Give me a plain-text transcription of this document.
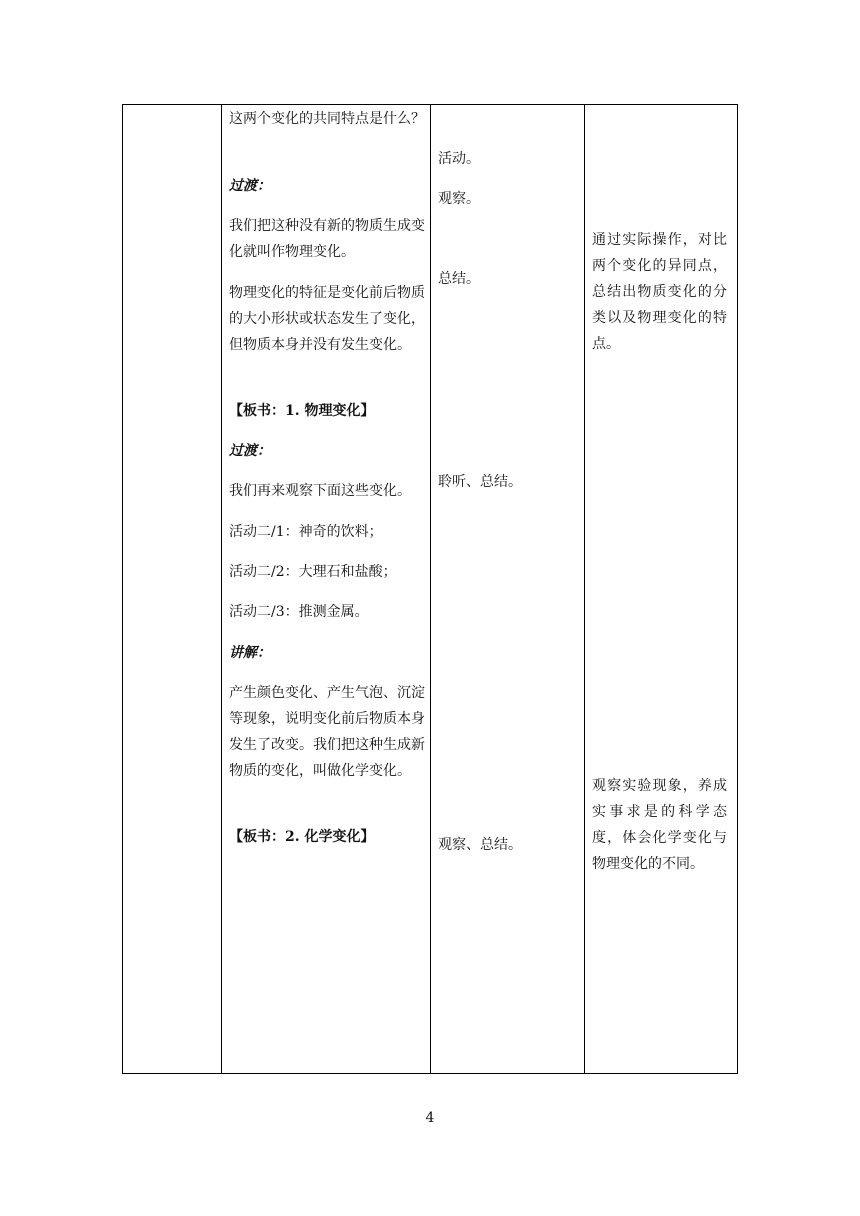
这两个变化的共同特点是什么？
过渡：
我们把这种没有新的物质生成变化就叫作物理变化。
物理变化的特征是变化前后物质的大小形状或状态发生了变化，但物质本身并没有发生变化。
【板书：1. 物理变化】
过渡：
我们再来观察下面这些变化。
活动二/1：神奇的饮料；
活动二/2：大理石和盐酸；
活动二/3：推测金属。
讲解：
产生颜色变化、产生气泡、沉淀等现象，说明变化前后物质本身发生了改变。我们把这种生成新物质的变化，叫做化学变化。
【板书：2. 化学变化】
活动。
观察。
总结。
聆听、总结。
观察、总结。
通过实际操作，对比两个变化的异同点，总结出物质变化的分类以及物理变化的特点。
观察实验现象，养成实事求是的科学态度，体会化学变化与物理变化的不同。
4
